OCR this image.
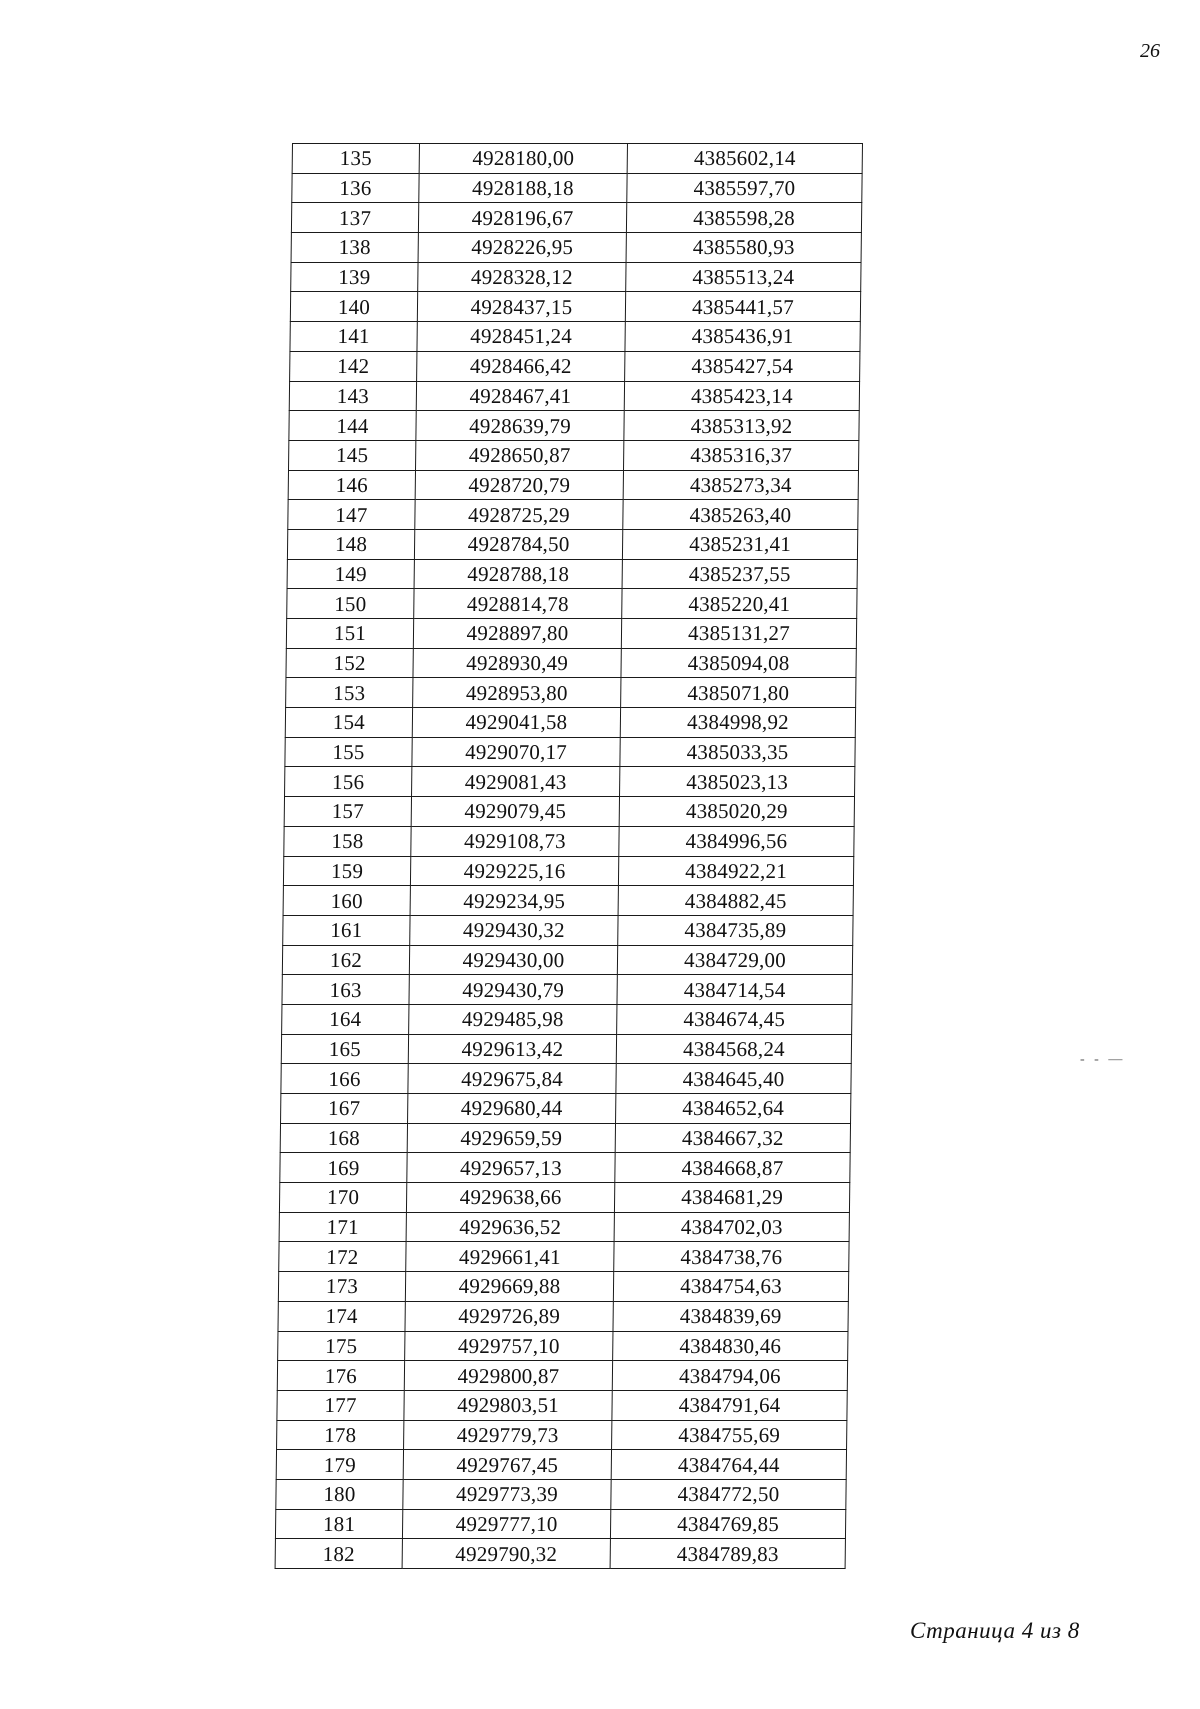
26
135	4928180,00	4385602,14
136	4928188,18	4385597,70
137	4928196,67	4385598,28
138	4928226,95	4385580,93
139	4928328,12	4385513,24
140	4928437,15	4385441,57
141	4928451,24	4385436,91
142	4928466,42	4385427,54
143	4928467,41	4385423,14
144	4928639,79	4385313,92
145	4928650,87	4385316,37
146	4928720,79	4385273,34
147	4928725,29	4385263,40
148	4928784,50	4385231,41
149	4928788,18	4385237,55
150	4928814,78	4385220,41
151	4928897,80	4385131,27
152	4928930,49	4385094,08
153	4928953,80	4385071,80
154	4929041,58	4384998,92
155	4929070,17	4385033,35
156	4929081,43	4385023,13
157	4929079,45	4385020,29
158	4929108,73	4384996,56
159	4929225,16	4384922,21
160	4929234,95	4384882,45
161	4929430,32	4384735,89
162	4929430,00	4384729,00
163	4929430,79	4384714,54
164	4929485,98	4384674,45
165	4929613,42	4384568,24
166	4929675,84	4384645,40
167	4929680,44	4384652,64
168	4929659,59	4384667,32
169	4929657,13	4384668,87
170	4929638,66	4384681,29
171	4929636,52	4384702,03
172	4929661,41	4384738,76
173	4929669,88	4384754,63
174	4929726,89	4384839,69
175	4929757,10	4384830,46
176	4929800,87	4384794,06
177	4929803,51	4384791,64
178	4929779,73	4384755,69
179	4929767,45	4384764,44
180	4929773,39	4384772,50
181	4929777,10	4384769,85
182	4929790,32	4384789,83
- - —
Страница 4 из 8
